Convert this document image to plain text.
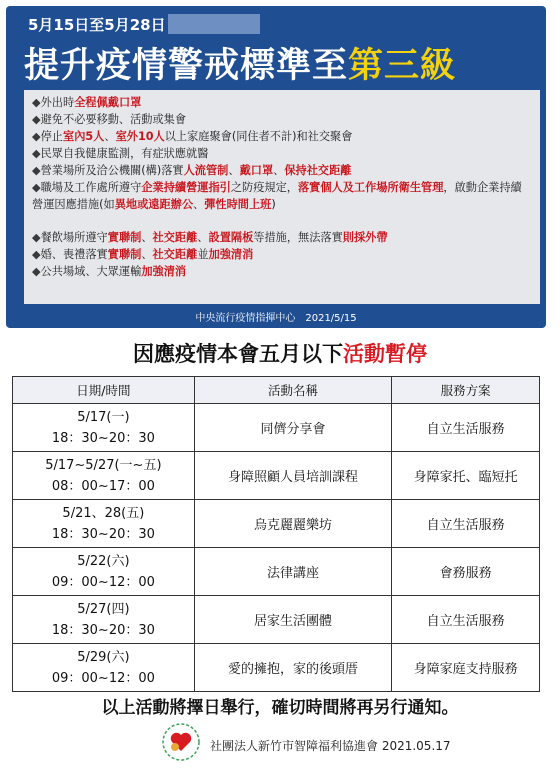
5月15日至5月28日
提升疫情警戒標準至第三級
◆外出時全程佩戴口罩
◆避免不必要移動、活動或集會
◆停止室內5人、室外10人以上家庭聚會(同住者不計)和社交聚會
◆民眾自我健康監測，有症狀應就醫
◆營業場所及洽公機關(構)落實人流管制、戴口罩、保持社交距離
◆職場及工作處所遵守企業持續營運指引之防疫規定，落實個人及工作場所衛生管理，啟動企業持續營運因應措施(如異地或遠距辦公、彈性時間上班)
◆餐飲場所遵守實聯制、社交距離、設置隔板等措施，無法落實則採外帶
◆婚、喪禮落實實聯制、社交距離並加強清消
◆公共場域、大眾運輸加強清消
中央流行疫情指揮中心　2021/5/15
因應疫情本會五月以下活動暫停
日期/時間	活動名稱	服務方案

5/17(一)
18：30~20：30	同儕分享會	自立生活服務

5/17~5/27(一~五)
08：00~17：00	身障照顧人員培訓課程	身障家托、臨短托

5/21、28(五)
18：30~20：30	烏克麗麗樂坊	自立生活服務

5/22(六)
09：00~12：00	法律講座	會務服務

5/27(四)
18：30~20：30	居家生活團體	自立生活服務

5/29(六)
09：00~12：00	愛的擁抱，家的後頭厝	身障家庭支持服務
以上活動將擇日舉行，確切時間將再另行通知。
社團法人新竹市智障福利協進會 2021.05.17
